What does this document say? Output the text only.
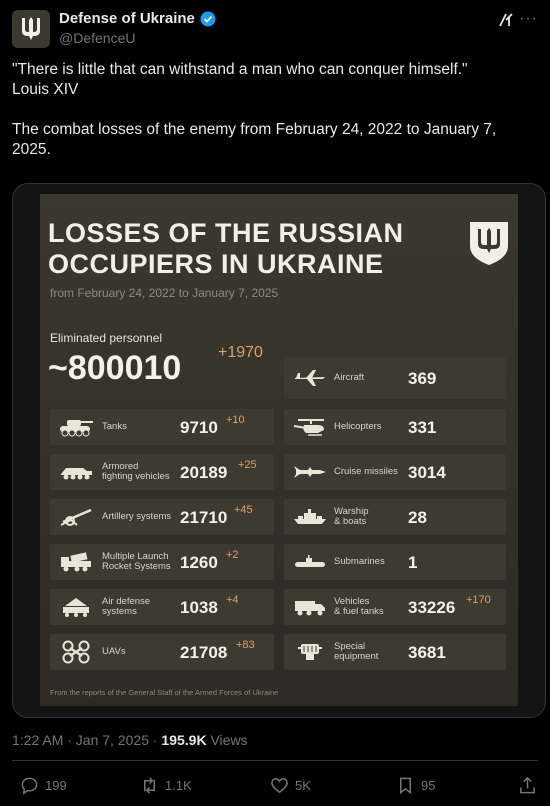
Defense of Ukraine
@DefenceU
···

"There is little that can withstand a man who can conquer himself."

Louis XIV

The combat losses of the enemy from February 24, 2022 to January 7, 2025.

LOSSES OF THE RUSSIAN
OCCUPIERS IN UKRAINE
from February 24, 2022 to January 7, 2025
Eliminated personnel
~800010 +1970
Tanks	9710 +10
Armored
fighting vehicles 20189 +25
Artillery systems 21710 +45
Multiple Launch
Rocket Systems 1260 +2
Air defense
systems	1038 +4
UAVs	21708 +83
Aircraft	369
Helicopters 331
Cruise missiles 3014
Warship
& boats 28
Submarines 1
Vehicles
& fuel tanks 33226 +170
Special
equipment 3681
From the reports of the General Staff of the Armed Forces of Ukraine
1:22 AM · Jan 7, 2025 · 195.9K Views
199	1.1K	5K	95
